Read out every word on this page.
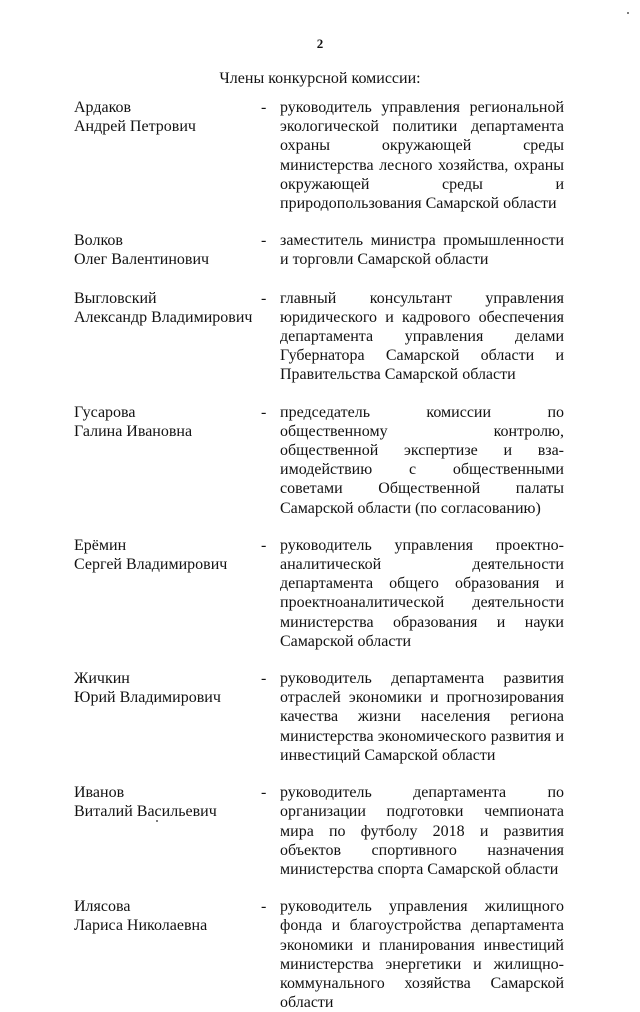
2
Члены конкурсной комиссии:
Ардаков
Андрей Петрович
- руководитель управления региональной экологической политики департамента охраны окружающей среды министерства лесного хозяйства, охраны окружающей среды и природопользования Самарской области
Волков
Олег Валентинович
- заместитель министра промышленности и торговли Самарской области
Выгловский
Александр Владимирович
- главный консультант управления юридического и кадрового обеспечения департамента управления делами Губернатора Самарской области и Правительства Самарской области
Гусарова
Галина Ивановна
- председатель комиссии по общественному контролю, общественной экспертизе и взаимодействию с общественными советами Общественной палаты Самарской области (по согласованию)
Ерёмин
Сергей Владимирович
- руководитель управления проектноаналитической деятельности департамента общего образования и проектноаналитической деятельности министерства образования и науки Самарской области
Жичкин
Юрий Владимирович
- руководитель департамента развития отраслей экономики и прогнозирования качества жизни населения региона министерства экономического развития и инвестиций Самарской области
Иванов
Виталий Васильевич
- руководитель департамента по организации подготовки чемпионата мира по футболу 2018 и развития объектов спортивного назначения министерства спорта Самарской области
Илясова
Лариса Николаевна
- руководитель управления жилищного фонда и благоустройства департамента экономики и планирования инвестиций министерства энергетики и жилищнокоммунального хозяйства Самарской области
